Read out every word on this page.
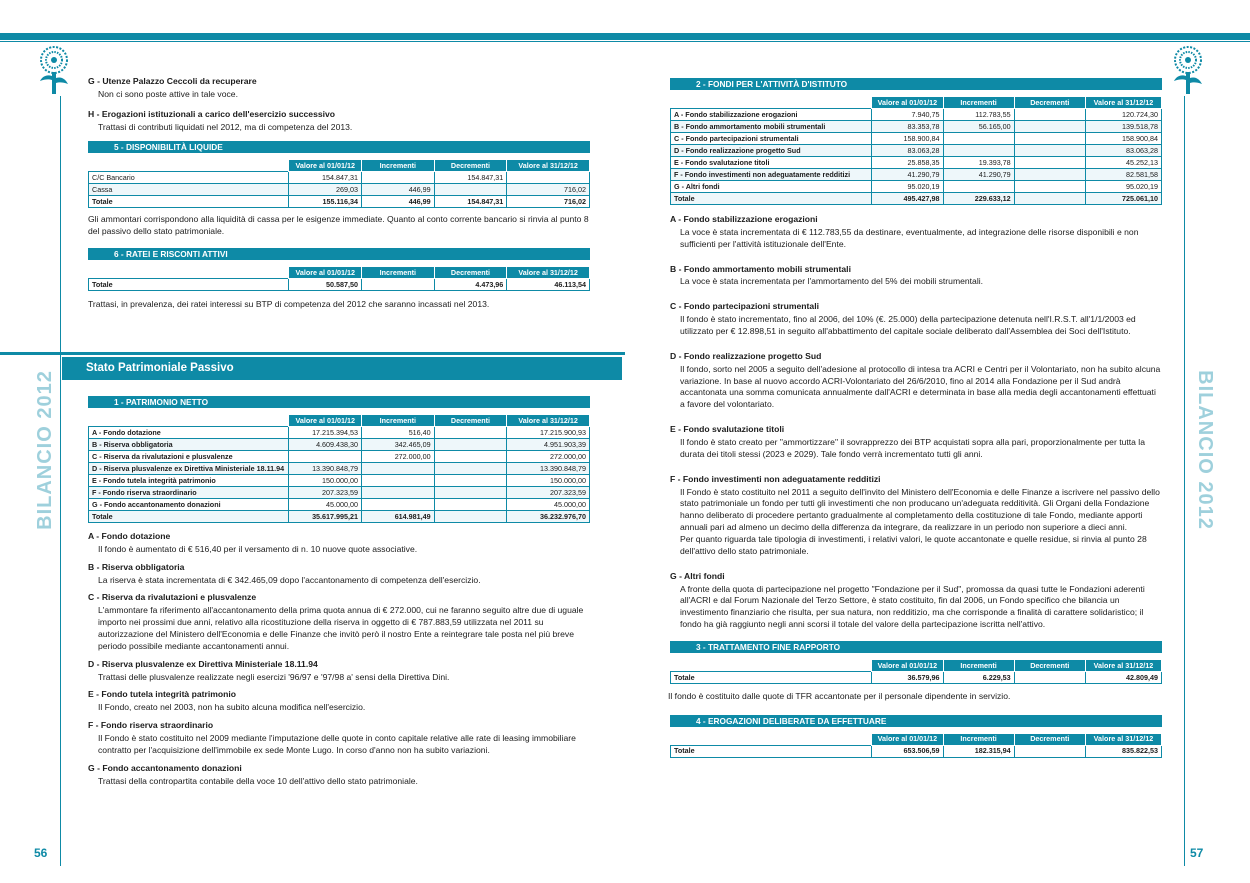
BILANCIO 2012
56
BILANCIO 2012
57
G - Utenze Palazzo Ceccoli da recuperare
Non ci sono poste attive in tale voce.
H - Erogazioni istituzionali a carico dell'esercizio successivo
Trattasi di contributi liquidati nel 2012, ma di competenza del 2013.
5 - DISPONIBILITÀ LIQUIDE
	Valore al 01/01/12	Incrementi	Decrementi	Valore al 31/12/12
C/C Bancario	154.847,31		154.847,31	
Cassa	269,03	446,99		716,02
Totale	155.116,34	446,99	154.847,31	716,02
Gli ammontari corrispondono alla liquidità di cassa per le esigenze immediate. Quanto al conto corrente bancario si rinvia al punto 8 del passivo dello stato patrimoniale.
6 - RATEI E RISCONTI ATTIVI
	Valore al 01/01/12	Incrementi	Decrementi	Valore al 31/12/12
Totale	50.587,50		4.473,96	46.113,54
Trattasi, in prevalenza, dei ratei interessi su BTP di competenza del 2012 che saranno incassati nel 2013.
Stato Patrimoniale Passivo
1 - PATRIMONIO NETTO
	Valore al 01/01/12	Incrementi	Decrementi	Valore al 31/12/12
A - Fondo dotazione	17.215.394,53	516,40		17.215.900,93
B - Riserva obbligatoria	4.609.438,30	342.465,09		4.951.903,39
C - Riserva da rivalutazioni e plusvalenze		272.000,00		272.000,00
D - Riserva plusvalenze ex Direttiva Ministeriale 18.11.94	13.390.848,79			13.390.848,79
E - Fondo tutela integrità patrimonio	150.000,00			150.000,00
F - Fondo riserva straordinario	207.323,59			207.323,59
G - Fondo accantonamento donazioni	45.000,00			45.000,00
Totale	35.617.995,21	614.981,49		36.232.976,70
A - Fondo dotazione
Il fondo è aumentato di € 516,40 per il versamento di n. 10 nuove quote associative.
B - Riserva obbligatoria
La riserva è stata incrementata di € 342.465,09 dopo l'accantonamento di competenza dell'esercizio.
C - Riserva da rivalutazioni e plusvalenze
L'ammontare fa riferimento all'accantonamento della prima quota annua di € 272.000, cui ne faranno seguito altre due di uguale importo nei prossimi due anni, relativo alla ricostituzione della riserva in oggetto di € 787.883,59 utilizzata nel 2011 su autorizzazione del Ministero dell'Economia e delle Finanze che invitò però il nostro Ente a reintegrare tale posta nel più breve periodo possibile mediante accantonamenti annui.
D - Riserva plusvalenze ex Direttiva Ministeriale 18.11.94
Trattasi delle plusvalenze realizzate negli esercizi '96/97 e '97/98 a' sensi della Direttiva Dini.
E - Fondo tutela integrità patrimonio
Il Fondo, creato nel 2003, non ha subito alcuna modifica nell'esercizio.
F - Fondo riserva straordinario
Il Fondo è stato costituito nel 2009 mediante l'imputazione delle quote in conto capitale relative alle rate di leasing immobiliare contratto per l'acquisizione dell'immobile ex sede Monte Lugo. In corso d'anno non ha subito variazioni.
G - Fondo accantonamento donazioni
Trattasi della contropartita contabile della voce 10 dell'attivo dello stato patrimoniale.
2 - FONDI PER L'ATTIVITÀ D'ISTITUTO
	Valore al 01/01/12	Incrementi	Decrementi	Valore al 31/12/12
A - Fondo stabilizzazione erogazioni	7.940,75	112.783,55		120.724,30
B - Fondo ammortamento mobili strumentali	83.353,78	56.165,00		139.518,78
C - Fondo partecipazioni strumentali	158.900,84			158.900,84
D - Fondo realizzazione progetto Sud	83.063,28			83.063,28
E - Fondo svalutazione titoli	25.858,35	19.393,78		45.252,13
F - Fondo investimenti non adeguatamente redditizi	41.290,79	41.290,79		82.581,58
G - Altri fondi	95.020,19			95.020,19
Totale	495.427,98	229.633,12		725.061,10
A - Fondo stabilizzazione erogazioni
La voce è stata incrementata di € 112.783,55 da destinare, eventualmente, ad integrazione delle risorse disponibili e non sufficienti per l'attività istituzionale dell'Ente.
B - Fondo ammortamento mobili strumentali
La voce è stata incrementata per l'ammortamento del 5% dei mobili strumentali.
C - Fondo partecipazioni strumentali
Il fondo è stato incrementato, fino al 2006, del 10% (€. 25.000) della partecipazione detenuta nell'I.R.S.T. all'1/1/2003 ed utilizzato per € 12.898,51 in seguito all'abbattimento del capitale sociale deliberato dall'Assemblea dei Soci dell'Istituto.
D - Fondo realizzazione progetto Sud
Il fondo, sorto nel 2005 a seguito dell'adesione al protocollo di intesa tra ACRI e Centri per il Volontariato, non ha subito alcuna variazione. In base al nuovo accordo ACRI-Volontariato del 26/6/2010, fino al 2014 alla Fondazione per il Sud andrà accantonata una somma comunicata annualmente dall'ACRI e determinata in base alla media degli accantonamenti effettuati a favore del volontariato.
E - Fondo svalutazione titoli
Il fondo è stato creato per "ammortizzare" il sovrapprezzo dei BTP acquistati sopra alla pari, proporzionalmente per tutta la durata dei titoli stessi (2023 e 2029). Tale fondo verrà incrementato tutti gli anni.
F - Fondo investimenti non adeguatamente redditizi
Il Fondo è stato costituito nel 2011 a seguito dell'invito del Ministero dell'Economia e delle Finanze a iscrivere nel passivo dello stato patrimoniale un fondo per tutti gli investimenti che non producano un'adeguata redditività. Gli Organi della Fondazione hanno deliberato di procedere pertanto gradualmente al completamento della costituzione di tale Fondo, mediante apporti annuali pari ad almeno un decimo della differenza da integrare, da realizzare in un periodo non superiore a dieci anni.
Per quanto riguarda tale tipologia di investimenti, i relativi valori, le quote accantonate e quelle residue, si rinvia al punto 28 dell'attivo dello stato patrimoniale.
G - Altri fondi
A fronte della quota di partecipazione nel progetto "Fondazione per il Sud", promossa da quasi tutte le Fondazioni aderenti all'ACRI e dal Forum Nazionale del Terzo Settore, è stato costituito, fin dal 2006, un Fondo specifico che bilancia un investimento finanziario che risulta, per sua natura, non redditizio, ma che corrisponde a finalità di carattere solidaristico; il fondo ha già raggiunto negli anni scorsi il totale del valore della partecipazione iscritta nell'attivo.
3 - TRATTAMENTO FINE RAPPORTO
	Valore al 01/01/12	Incrementi	Decrementi	Valore al 31/12/12
Totale	36.579,96	6.229,53		42.809,49
Il fondo è costituito dalle quote di TFR accantonate per il personale dipendente in servizio.
4 - EROGAZIONI DELIBERATE DA EFFETTUARE
	Valore al 01/01/12	Incrementi	Decrementi	Valore al 31/12/12
Totale	653.506,59	182.315,94		835.822,53
